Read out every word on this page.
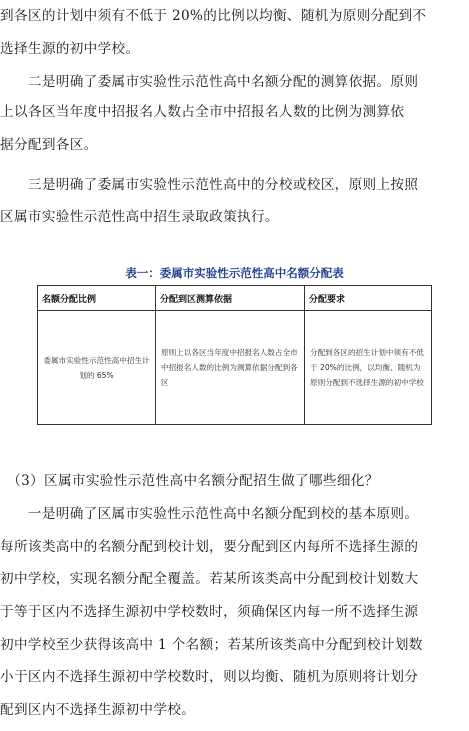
到各区的计划中须有不低于 20%的比例以均衡、随机为原则分配到不
选择生源的初中学校。
　　二是明确了委属市实验性示范性高中名额分配的测算依据。原则
上以各区当年度中招报名人数占全市中招报名人数的比例为测算依
据分配到各区。
　　三是明确了委属市实验性示范性高中的分校或校区，原则上按照
区属市实验性示范性高中招生录取政策执行。
表一：委属市实验性示范性高中名额分配表
名额分配比例	分配到区测算依据	分配要求
委属市实验性示范性高中招生计划的 65%	原则上以各区当年度中招报名人数占全市中招报名人数的比例为测算依据分配到各区	分配到各区的招生计划中须有不低于 20%的比例，以均衡、随机为原则分配到不选择生源的初中学校
　（3）区属市实验性示范性高中名额分配招生做了哪些细化？
　　一是明确了区属市实验性示范性高中名额分配到校的基本原则。
每所该类高中的名额分配到校计划，要分配到区内每所不选择生源的
初中学校，实现名额分配全覆盖。若某所该类高中分配到校计划数大
于等于区内不选择生源初中学校数时，须确保区内每一所不选择生源
初中学校至少获得该高中 1 个名额；若某所该类高中分配到校计划数
小于区内不选择生源初中学校数时，则以均衡、随机为原则将计划分
配到区内不选择生源初中学校。
